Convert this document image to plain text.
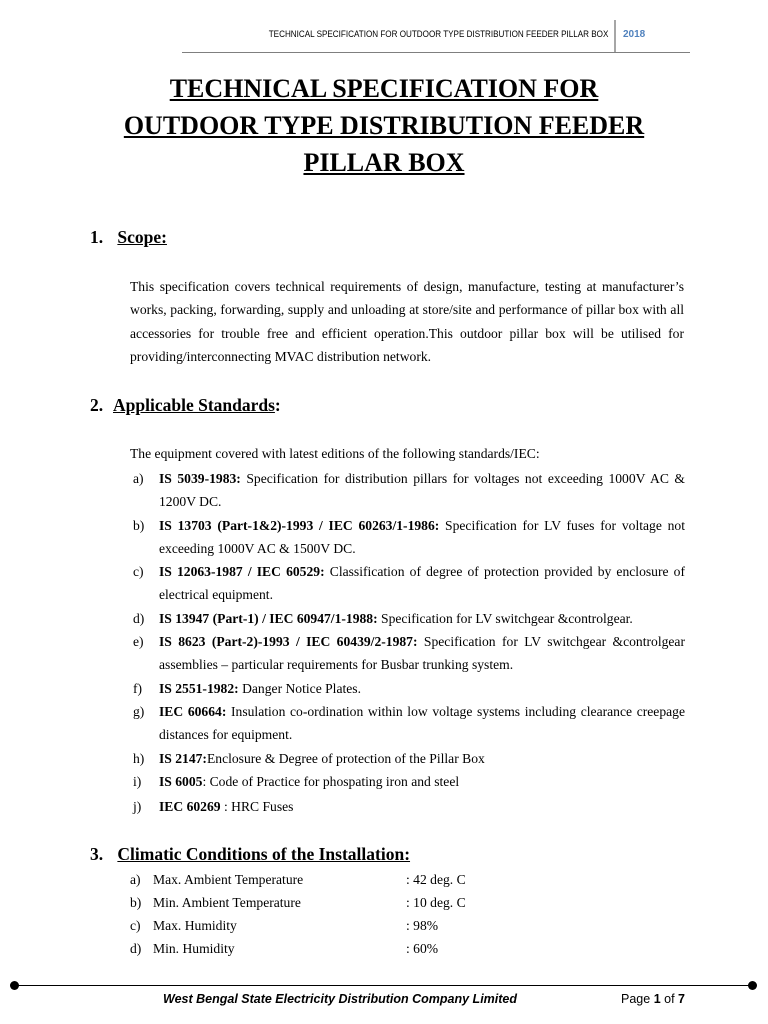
TECHNICAL SPECIFICATION FOR OUTDOOR TYPE DISTRIBUTION FEEDER PILLAR BOX 2018
TECHNICAL SPECIFICATION FOR
OUTDOOR TYPE DISTRIBUTION FEEDER
PILLAR BOX
1. Scope:
This specification covers technical requirements of design, manufacture, testing at manufacturer’s works, packing, forwarding, supply and unloading at store/site and performance of pillar box with all accessories for trouble free and efficient operation.This outdoor pillar box will be utilised for providing/interconnecting MVAC distribution network.
2. Applicable Standards:
The equipment covered with latest editions of the following standards/IEC:
a) IS 5039-1983: Specification for distribution pillars for voltages not exceeding 1000V AC & 1200V DC.
b) IS 13703 (Part-1&2)-1993 / IEC 60263/1-1986: Specification for LV fuses for voltage not exceeding 1000V AC & 1500V DC.
c) IS 12063-1987 / IEC 60529: Classification of degree of protection provided by enclosure of electrical equipment.
d) IS 13947 (Part-1) / IEC 60947/1-1988: Specification for LV switchgear &controlgear.
e) IS 8623 (Part-2)-1993 / IEC 60439/2-1987: Specification for LV switchgear &controlgear assemblies – particular requirements for Busbar trunking system.
f) IS 2551-1982: Danger Notice Plates.
g) IEC 60664: Insulation co-ordination within low voltage systems including clearance creepage distances for equipment.
h) IS 2147:Enclosure & Degree of protection of the Pillar Box
i) IS 6005: Code of Practice for phospating iron and steel
j) IEC 60269 : HRC Fuses
3. Climatic Conditions of the Installation:
a) Max. Ambient Temperature	: 42 deg. C
b) Min. Ambient Temperature	: 10 deg. C
c) Max. Humidity	: 98%
d) Min. Humidity	: 60%
West Bengal State Electricity Distribution Company Limited	Page 1 of 7
